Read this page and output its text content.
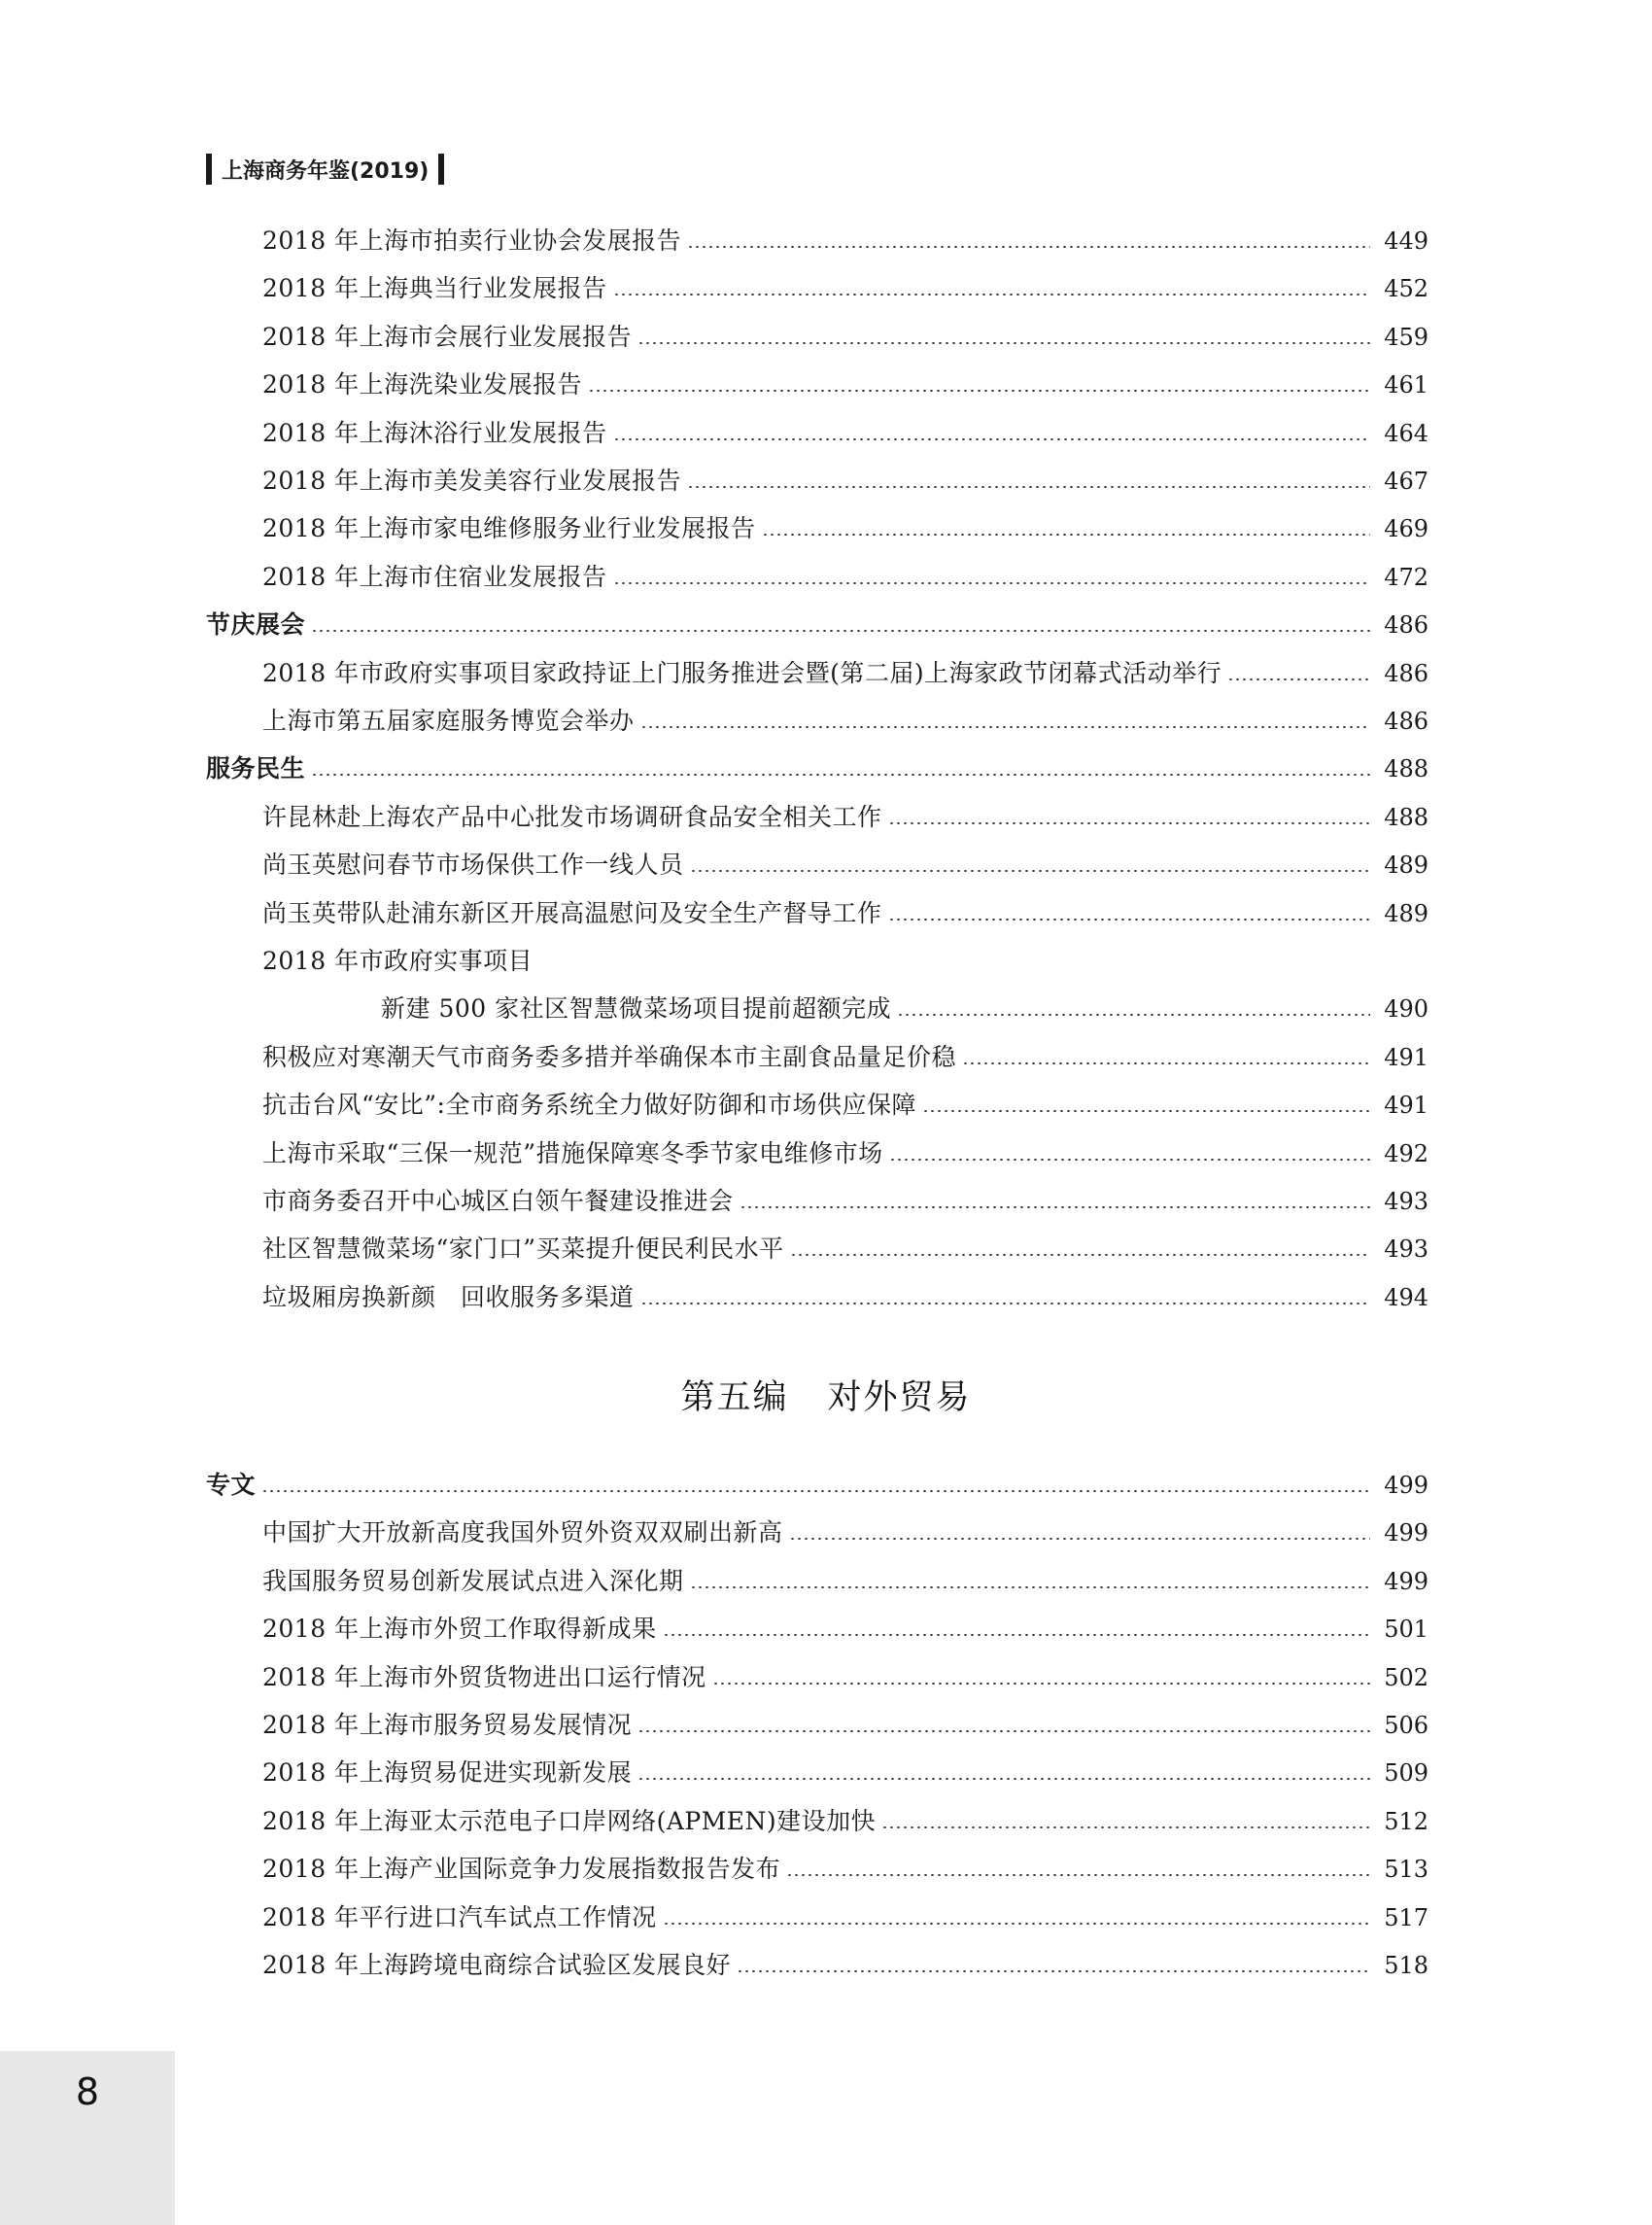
上海商务年鉴(2019)
2018 年上海市拍卖行业协会发展报告	449
2018 年上海典当行业发展报告	452
2018 年上海市会展行业发展报告	459
2018 年上海洗染业发展报告	461
2018 年上海沐浴行业发展报告	464
2018 年上海市美发美容行业发展报告	467
2018 年上海市家电维修服务业行业发展报告	469
2018 年上海市住宿业发展报告	472
节庆展会	486
2018 年市政府实事项目家政持证上门服务推进会暨(第二届)上海家政节闭幕式活动举行	486
上海市第五届家庭服务博览会举办	486
服务民生	488
许昆林赴上海农产品中心批发市场调研食品安全相关工作	488
尚玉英慰问春节市场保供工作一线人员	489
尚玉英带队赴浦东新区开展高温慰问及安全生产督导工作	489
2018 年市政府实事项目
新建 500 家社区智慧微菜场项目提前超额完成	490
积极应对寒潮天气市商务委多措并举确保本市主副食品量足价稳	491
抗击台风“安比”:全市商务系统全力做好防御和市场供应保障	491
上海市采取“三保一规范”措施保障寒冬季节家电维修市场	492
市商务委召开中心城区白领午餐建设推进会	493
社区智慧微菜场“家门口”买菜提升便民利民水平	493
垃圾厢房换新颜　回收服务多渠道	494
第五编 对外贸易
专文	499
中国扩大开放新高度我国外贸外资双双刷出新高	499
我国服务贸易创新发展试点进入深化期	499
2018 年上海市外贸工作取得新成果	501
2018 年上海市外贸货物进出口运行情况	502
2018 年上海市服务贸易发展情况	506
2018 年上海贸易促进实现新发展	509
2018 年上海亚太示范电子口岸网络(APMEN)建设加快	512
2018 年上海产业国际竞争力发展指数报告发布	513
2018 年平行进口汽车试点工作情况	517
2018 年上海跨境电商综合试验区发展良好	518
8
